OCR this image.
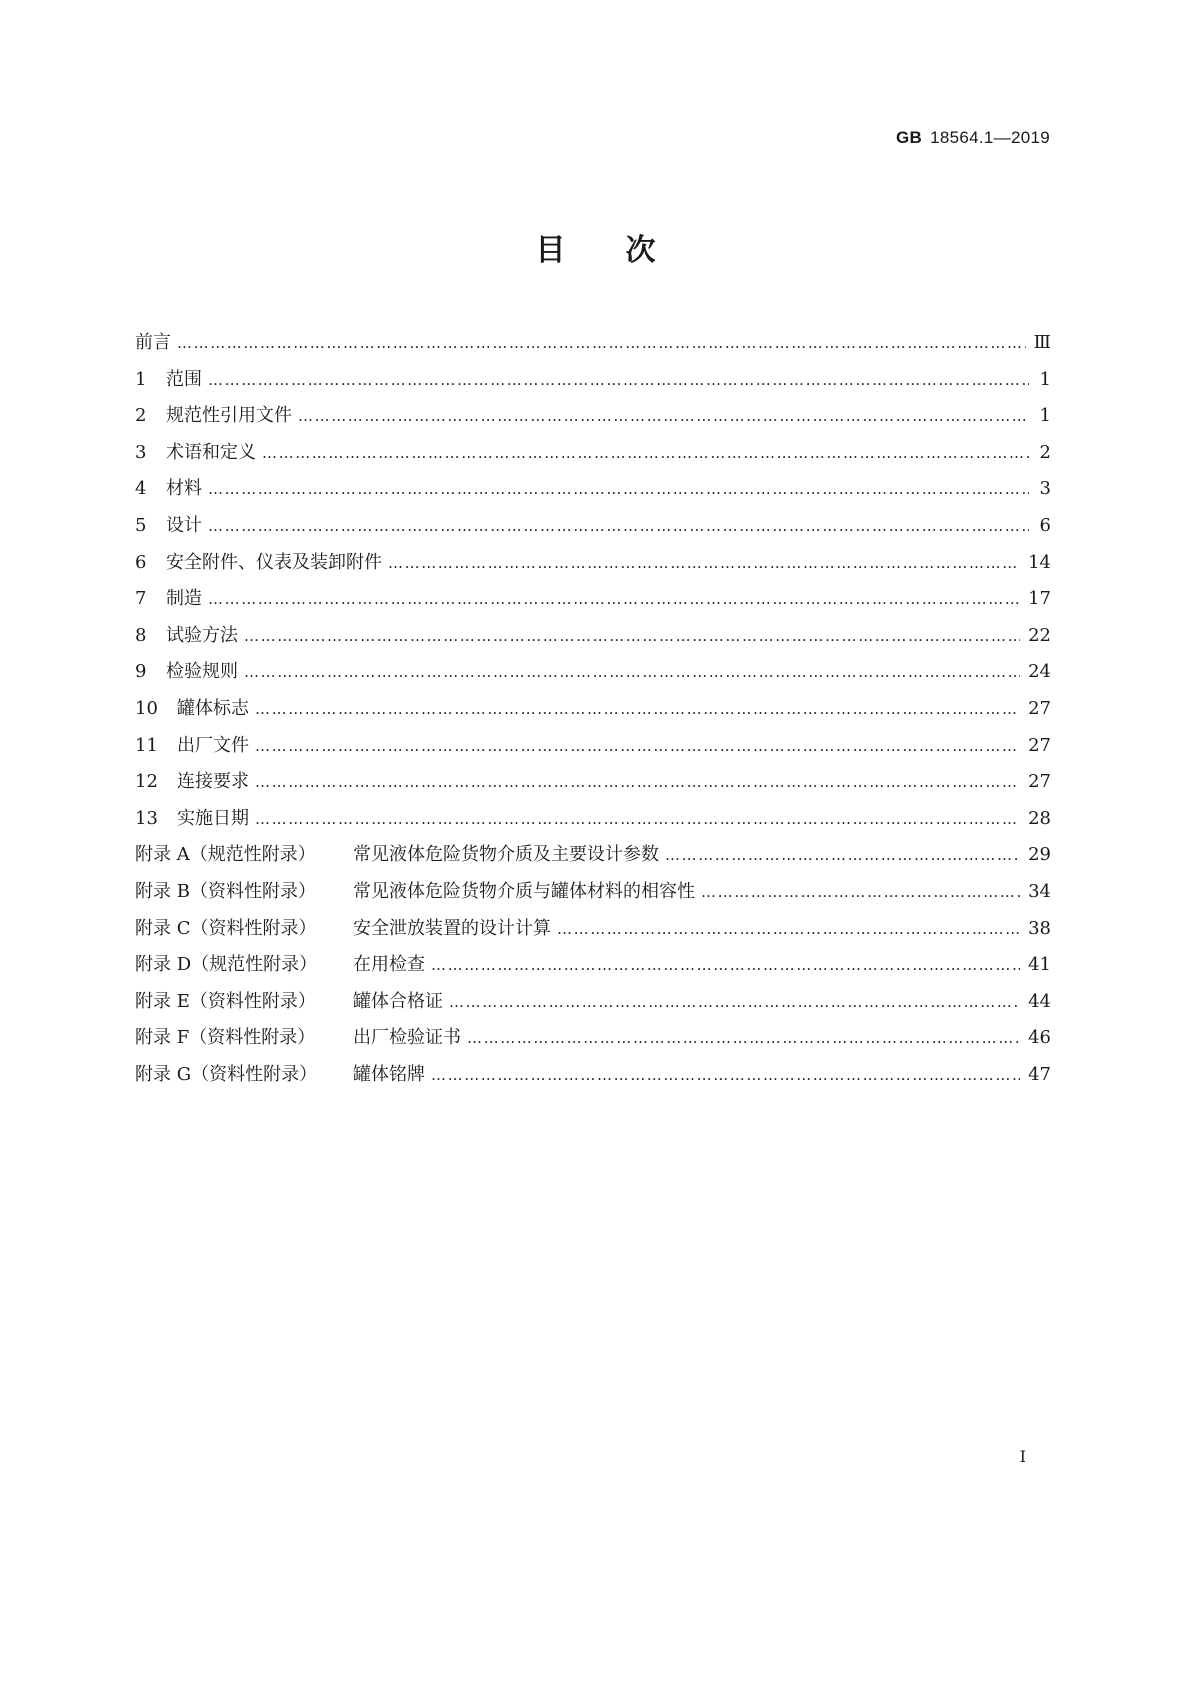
GB 18564.1—2019
目次
前言 ……………………………………………………………………………………………………………………………………………………………………………………………………………………………………………………………………	Ⅲ
1 范围 ……………………………………………………………………………………………………………………………………………………………………………………………………………………………………………………………………	1
2 规范性引用文件 ……………………………………………………………………………………………………………………………………………………………………………………………………………………………………………………………………	1
3 术语和定义 ……………………………………………………………………………………………………………………………………………………………………………………………………………………………………………………………………	2
4 材料 ……………………………………………………………………………………………………………………………………………………………………………………………………………………………………………………………………	3
5 设计 ……………………………………………………………………………………………………………………………………………………………………………………………………………………………………………………………………	6
6 安全附件、仪表及装卸附件 ……………………………………………………………………………………………………………………………………………………………………………………………………………………………………………………………………	14
7 制造 ……………………………………………………………………………………………………………………………………………………………………………………………………………………………………………………………………	17
8 试验方法 ……………………………………………………………………………………………………………………………………………………………………………………………………………………………………………………………………	22
9 检验规则 ……………………………………………………………………………………………………………………………………………………………………………………………………………………………………………………………………	24
10 罐体标志 ……………………………………………………………………………………………………………………………………………………………………………………………………………………………………………………………………	27
11 出厂文件 ……………………………………………………………………………………………………………………………………………………………………………………………………………………………………………………………………	27
12 连接要求 ……………………………………………………………………………………………………………………………………………………………………………………………………………………………………………………………………	27
13 实施日期 ……………………………………………………………………………………………………………………………………………………………………………………………………………………………………………………………………	28
附录 A（规范性附录） 常见液体危险货物介质及主要设计参数 ……………………………………………………………………………………………………………………………………………………………………………………………………………………………………………………………………	29
附录 B（资料性附录） 常见液体危险货物介质与罐体材料的相容性 ……………………………………………………………………………………………………………………………………………………………………………………………………………………………………………………………………	34
附录 C（资料性附录） 安全泄放装置的设计计算 ……………………………………………………………………………………………………………………………………………………………………………………………………………………………………………………………………	38
附录 D（规范性附录） 在用检查 ……………………………………………………………………………………………………………………………………………………………………………………………………………………………………………………………………	41
附录 E（资料性附录） 罐体合格证 ……………………………………………………………………………………………………………………………………………………………………………………………………………………………………………………………………	44
附录 F（资料性附录） 出厂检验证书 ……………………………………………………………………………………………………………………………………………………………………………………………………………………………………………………………………	46
附录 G（资料性附录） 罐体铭牌 ……………………………………………………………………………………………………………………………………………………………………………………………………………………………………………………………………	47
I
